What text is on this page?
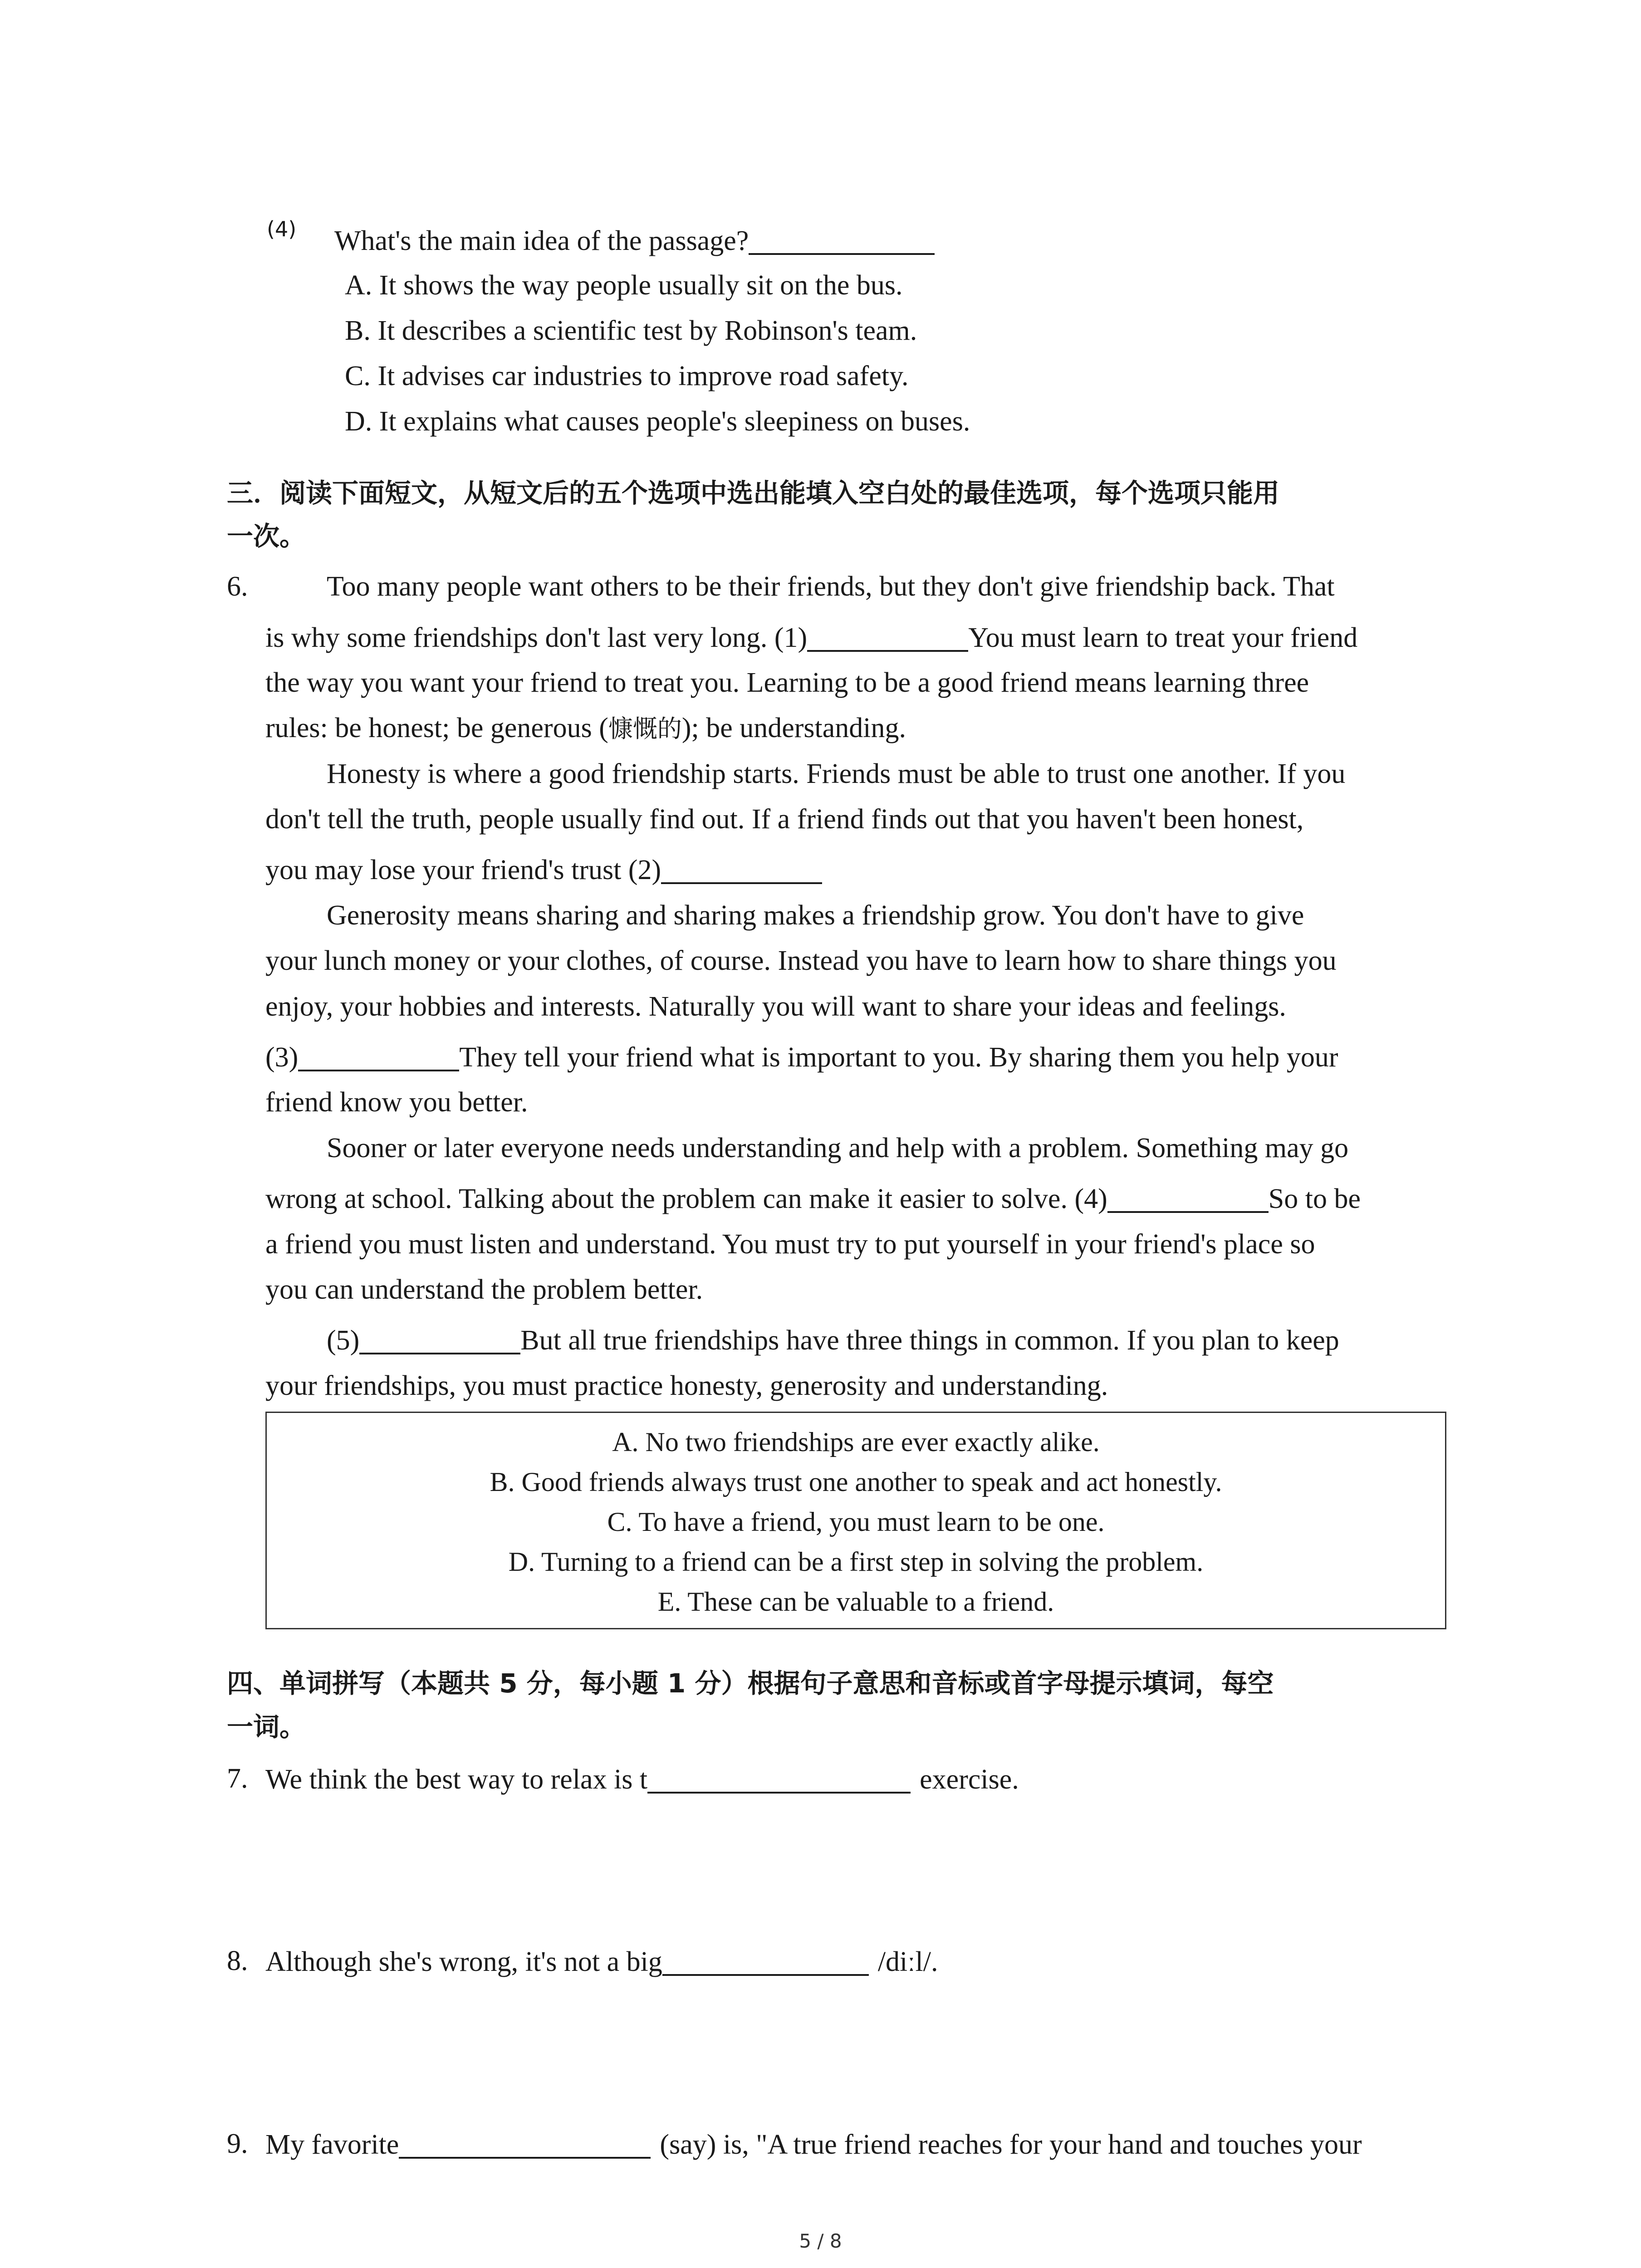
(4) What's the main idea of the passage?
A. It shows the way people usually sit on the bus.
B. It describes a scientific test by Robinson's team.
C. It advises car industries to improve road safety.
D. It explains what causes people's sleepiness on buses.
三．阅读下面短文，从短文后的五个选项中选出能填入空白处的最佳选项，每个选项只能用
一次。
6.	Too many people want others to be their friends, but they don't give friendship back. That
is why some friendships don't last very long. (1)	You must learn to treat your friend
the way you want your friend to treat you. Learning to be a good friend means learning three
rules: be honest; be generous (慷慨的); be understanding.
Honesty is where a good friendship starts. Friends must be able to trust one another. If you
don't tell the truth, people usually find out. If a friend finds out that you haven't been honest,
you may lose your friend's trust (2)
Generosity means sharing and sharing makes a friendship grow. You don't have to give
your lunch money or your clothes, of course. Instead you have to learn how to share things you
enjoy, your hobbies and interests. Naturally you will want to share your ideas and feelings.
(3)	They tell your friend what is important to you. By sharing them you help your
friend know you better.
Sooner or later everyone needs understanding and help with a problem. Something may go
wrong at school. Talking about the problem can make it easier to solve. (4)	So to be
a friend you must listen and understand. You must try to put yourself in your friend's place so
you can understand the problem better.
(5)	But all true friendships have three things in common. If you plan to keep
your friendships, you must practice honesty, generosity and understanding.
A. No two friendships are ever exactly alike.
B. Good friends always trust one another to speak and act honestly.
C. To have a friend, you must learn to be one.
D. Turning to a friend can be a first step in solving the problem.
E. These can be valuable to a friend.
四、单词拼写（本题共 5 分，每小题 1 分）根据句子意思和音标或首字母提示填词，每空
一词。
7. We think the best way to relax is t	exercise.
8. Although she's wrong, it's not a big	/diːl/.
9. My favorite	(say) is, "A true friend reaches for your hand and touches your
5 / 8
